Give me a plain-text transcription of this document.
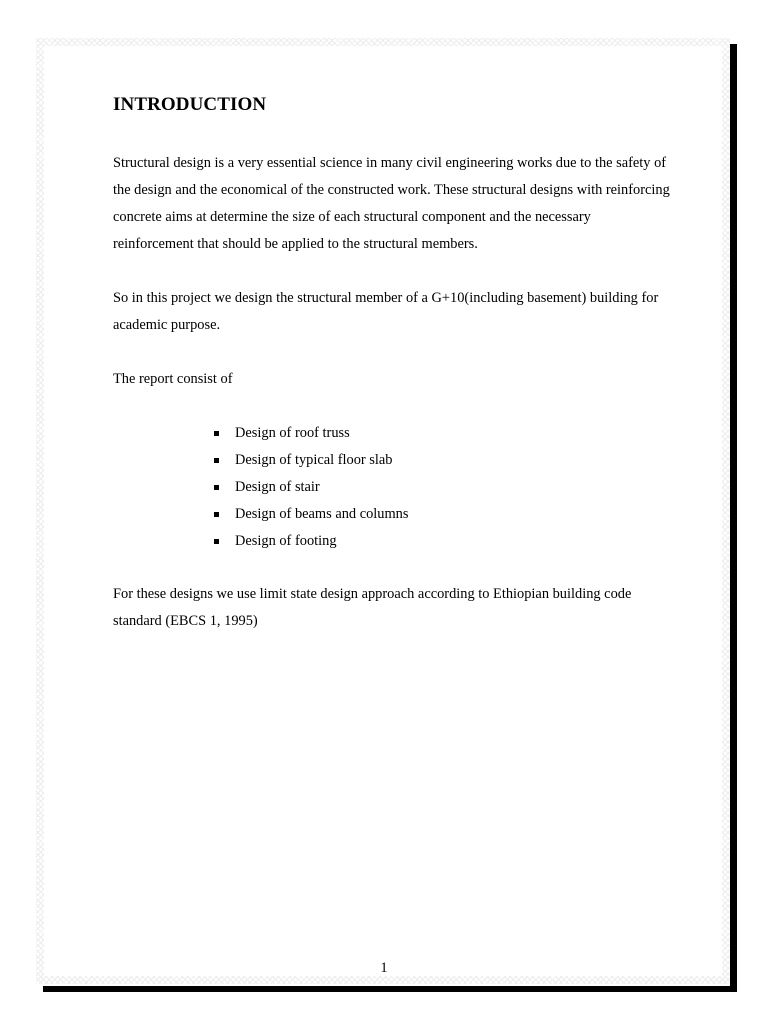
INTRODUCTION

Structural design is a very essential science in many civil engineering works due to the safety of the design and the economical of the constructed work. These structural designs with reinforcing concrete aims at determine the size of each structural component and the necessary reinforcement that should be applied to the structural members.

So in this project we design the structural member of a G+10(including basement) building for academic purpose.

The report consist of

Design of roof truss
Design of typical floor slab
Design of stair
Design of beams and columns
Design of footing

For these designs we use limit state design approach according to Ethiopian building code standard (EBCS 1, 1995)

1
